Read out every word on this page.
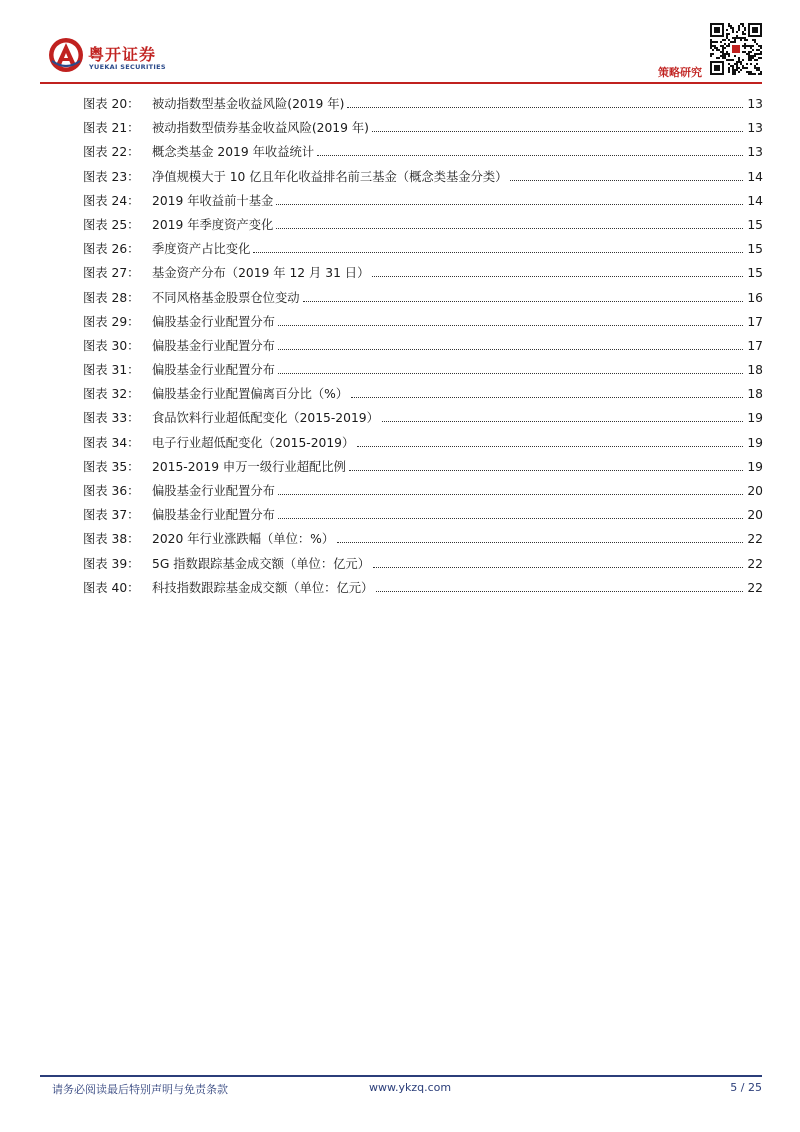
粤开证券
YUEKAI SECURITIES	策略研究
图表 20：	被动指数型基金收益风险(2019 年)	13
图表 21：	被动指数型债券基金收益风险(2019 年)	13
图表 22：	概念类基金 2019 年收益统计	13
图表 23：	净值规模大于 10 亿且年化收益排名前三基金（概念类基金分类）	14
图表 24：	2019 年收益前十基金	14
图表 25：	2019 年季度资产变化	15
图表 26：	季度资产占比变化	15
图表 27：	基金资产分布（2019 年 12 月 31 日）	15
图表 28：	不同风格基金股票仓位变动	16
图表 29：	偏股基金行业配置分布	17
图表 30：	偏股基金行业配置分布	17
图表 31：	偏股基金行业配置分布	18
图表 32：	偏股基金行业配置偏离百分比（%）	18
图表 33：	食品饮料行业超低配变化（2015-2019）	19
图表 34：	电子行业超低配变化（2015-2019）	19
图表 35：	2015-2019 申万一级行业超配比例	19
图表 36：	偏股基金行业配置分布	20
图表 37：	偏股基金行业配置分布	20
图表 38：	2020 年行业涨跌幅（单位：%）	22
图表 39：	5G 指数跟踪基金成交额（单位：亿元）	22
图表 40：	科技指数跟踪基金成交额（单位：亿元）	22
请务必阅读最后特别声明与免责条款	www.ykzq.com	5 / 25
